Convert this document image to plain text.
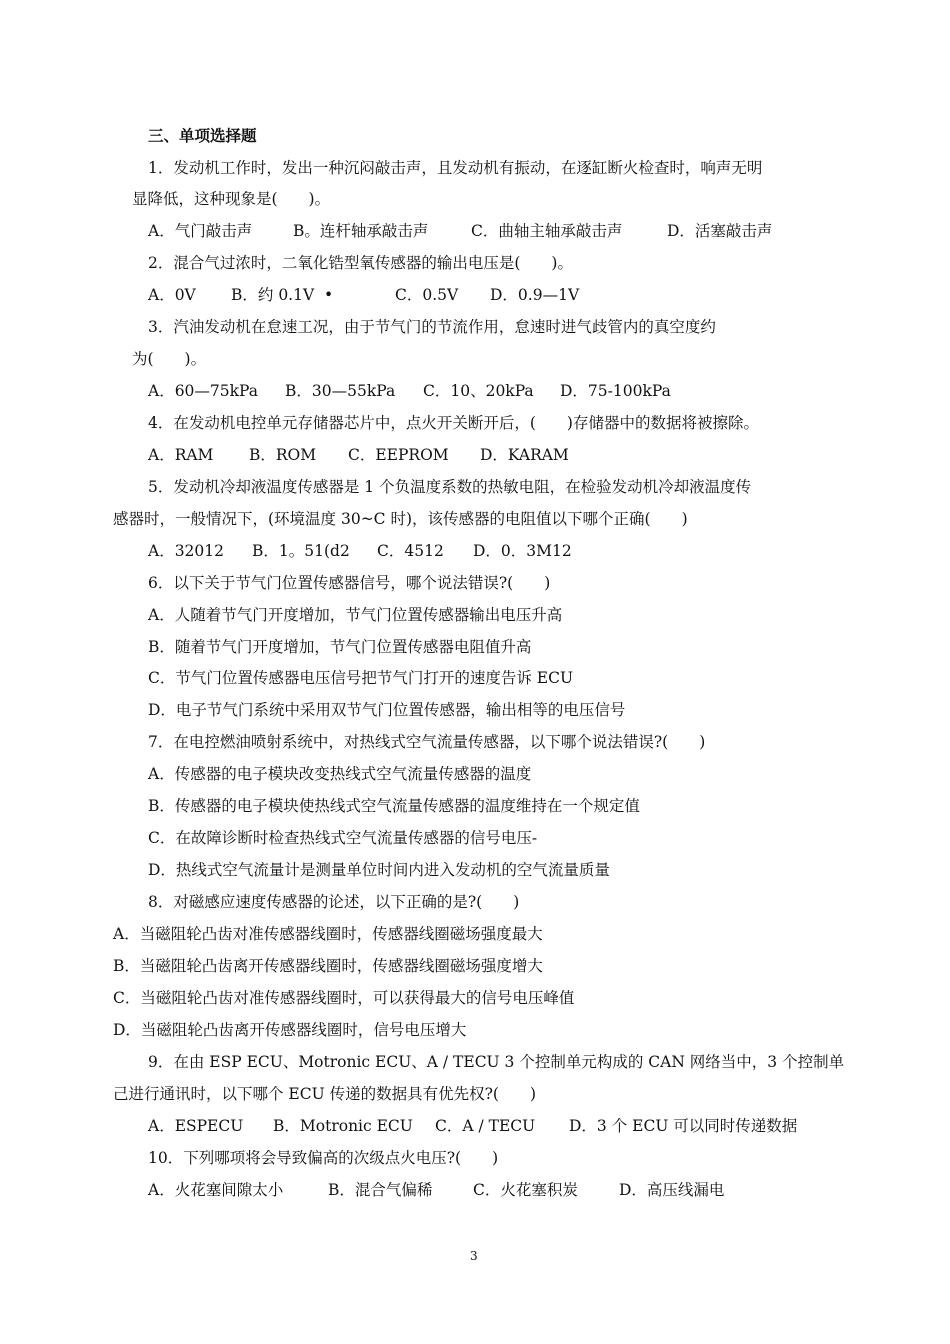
三、单项选择题
1．发动机工作时，发出一种沉闷敲击声，且发动机有振动，在逐缸断火检查时，响声无明
显降低，这种现象是(　　)。
A．气门敲击声	B。连杆轴承敲击声	C．曲轴主轴承敲击声	D．活塞敲击声
2．混合气过浓时，二氧化锆型氧传感器的输出电压是(　　)。
A．0V B．约 0.1V •	C．0.5V D．0.9—1V
3．汽油发动机在怠速工况，由于节气门的节流作用，怠速时进气歧管内的真空度约
为(　　)。
A．60—75kPa B．30—55kPa C．10、20kPa D．75-100kPa
4．在发动机电控单元存储器芯片中，点火开关断开后，(　　)存储器中的数据将被擦除。
A．RAM B．ROM C．EEPROM D．KARAM
5．发动机冷却液温度传感器是 1 个负温度系数的热敏电阻，在检验发动机冷却液温度传
感器时，一般情况下，(环境温度 30~C 时)，该传感器的电阻值以下哪个正确(　　)
A．32012 B．1。51(d2 C．4512 D．0．3M12
6．以下关于节气门位置传感器信号，哪个说法错误?(　　)
A．人随着节气门开度增加，节气门位置传感器输出电压升高
B．随着节气门开度增加，节气门位置传感器电阻值升高
C．节气门位置传感器电压信号把节气门打开的速度告诉 ECU
D．电子节气门系统中采用双节气门位置传感器，输出相等的电压信号
7．在电控燃油喷射系统中，对热线式空气流量传感器，以下哪个说法错误?(　　)
A．传感器的电子模块改变热线式空气流量传感器的温度
B．传感器的电子模块使热线式空气流量传感器的温度维持在一个规定值
C．在故障诊断时检查热线式空气流量传感器的信号电压-
D．热线式空气流量计是测量单位时间内进入发动机的空气流量质量
8．对磁感应速度传感器的论述，以下正确的是?(　　)
A．当磁阻轮凸齿对准传感器线圈时，传感器线圈磁场强度最大
B．当磁阻轮凸齿离开传感器线圈时，传感器线圈磁场强度增大
C．当磁阻轮凸齿对准传感器线圈时，可以获得最大的信号电压峰值
D．当磁阻轮凸齿离开传感器线圈时，信号电压增大
9．在由 ESP ECU、Motronic ECU、A / TECU 3 个控制单元构成的 CAN 网络当中，3 个控制单
己进行通讯时，以下哪个 ECU 传递的数据具有优先权?(　　)
A．ESPECU B．Motronic ECU C．A / TECU D．3 个 ECU 可以同时传递数据
10．下列哪项将会导致偏高的次级点火电压?(　　)
A．火花塞间隙太小	B．混合气偏稀	C．火花塞积炭	D．高压线漏电
3
